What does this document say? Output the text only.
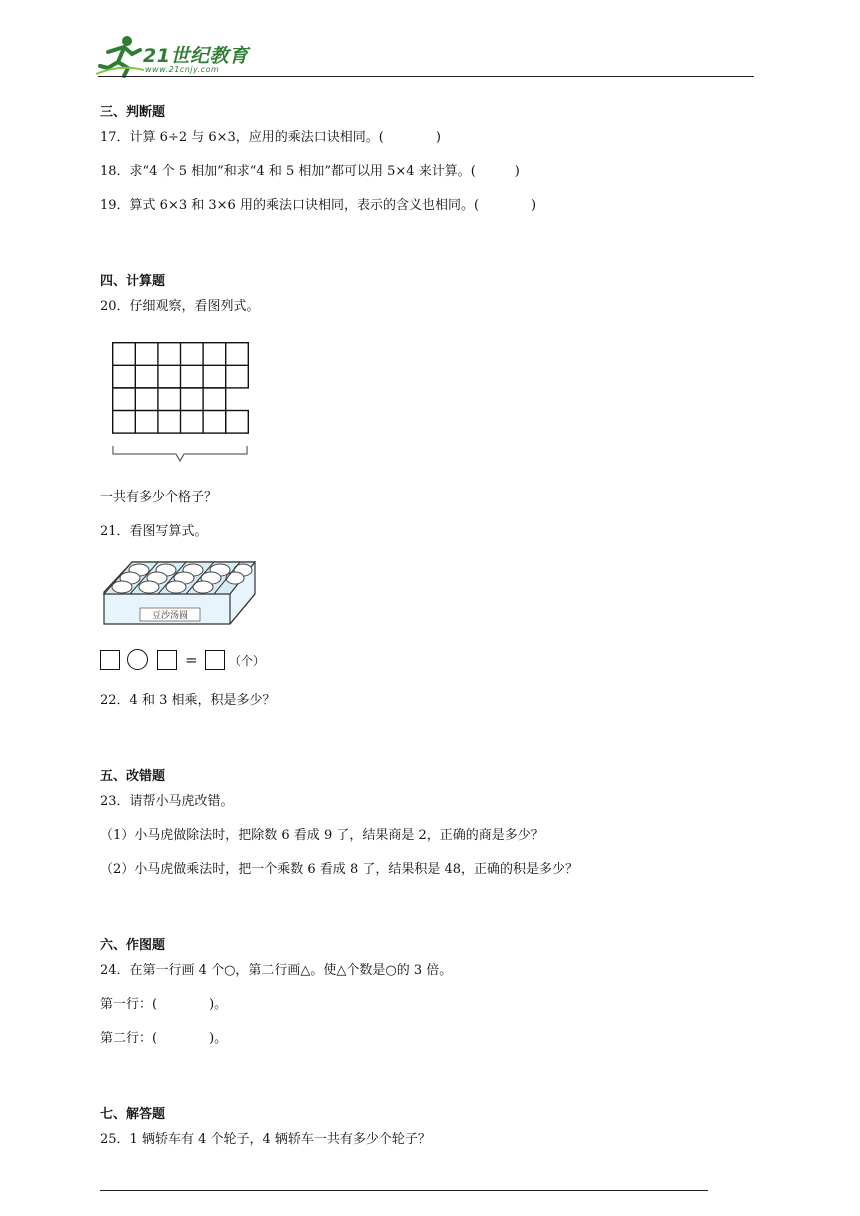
21世纪教育
www.21cnjy.com
三、判断题
17．计算 6÷2 与 6×3，应用的乘法口诀相同。(　　　　)
18．求“4 个 5 相加”和求“4 和 5 相加”都可以用 5×4 来计算。(　　　)
19．算式 6×3 和 3×6 用的乘法口诀相同，表示的含义也相同。(　　　　)
四、计算题
20．仔细观察，看图列式。
一共有多少个格子？
21．看图写算式。
豆沙汤圆
=	（个）
22．4 和 3 相乘，积是多少？
五、改错题
23．请帮小马虎改错。
（1）小马虎做除法时，把除数 6 看成 9 了，结果商是 2，正确的商是多少？
（2）小马虎做乘法时，把一个乘数 6 看成 8 了，结果积是 48，正确的积是多少？
六、作图题
24．在第一行画 4 个○，第二行画△。使△个数是○的 3 倍。
第一行：(　　　　)。
第二行：(　　　　)。
七、解答题
25．1 辆轿车有 4 个轮子，4 辆轿车一共有多少个轮子？
